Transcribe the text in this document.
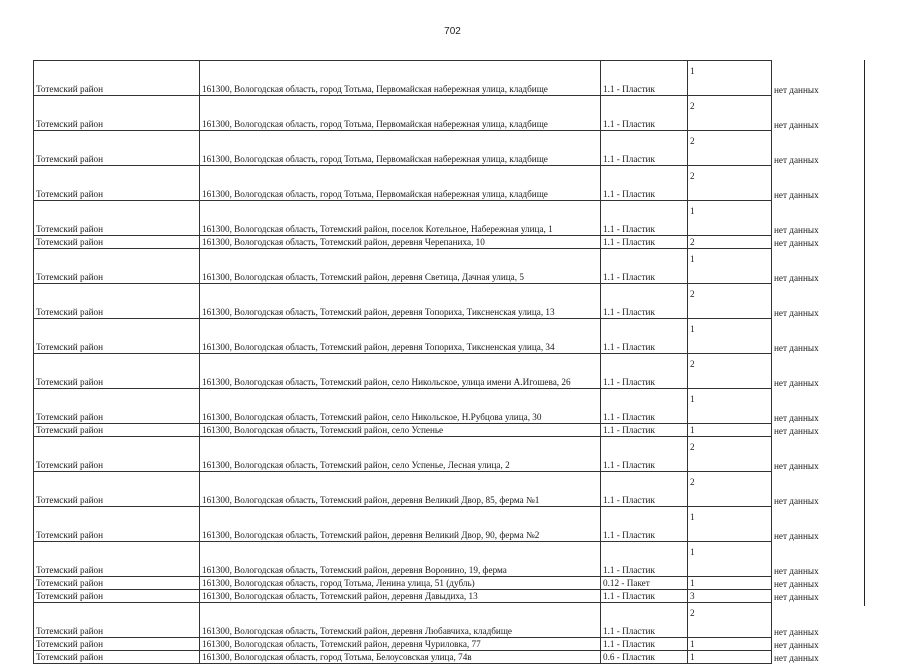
702
Тотемский район	161300, Вологодская область, город Тотьма, Первомайская набережная улица, кладбище	1.1 - Пластик	1	нет данных
Тотемский район	161300, Вологодская область, город Тотьма, Первомайская набережная улица, кладбище	1.1 - Пластик	2	нет данных
Тотемский район	161300, Вологодская область, город Тотьма, Первомайская набережная улица, кладбище	1.1 - Пластик	2	нет данных
Тотемский район	161300, Вологодская область, город Тотьма, Первомайская набережная улица, кладбище	1.1 - Пластик	2	нет данных
Тотемский район	161300, Вологодская область, Тотемский район, поселок Котельное, Набережная улица, 1	1.1 - Пластик	1	нет данных
Тотемский район	161300, Вологодская область, Тотемский район, деревня Черепаниха, 10	1.1 - Пластик	2	нет данных
Тотемский район	161300, Вологодская область, Тотемский район, деревня Светица, Дачная улица, 5	1.1 - Пластик	1	нет данных
Тотемский район	161300, Вологодская область, Тотемский район, деревня Топориха, Тиксненская улица, 13	1.1 - Пластик	2	нет данных
Тотемский район	161300, Вологодская область, Тотемский район, деревня Топориха, Тиксненская улица, 34	1.1 - Пластик	1	нет данных
Тотемский район	161300, Вологодская область, Тотемский район, село Никольское, улица имени А.Игошева, 26	1.1 - Пластик	2	нет данных
Тотемский район	161300, Вологодская область, Тотемский район, село Никольское, Н.Рубцова улица, 30	1.1 - Пластик	1	нет данных
Тотемский район	161300, Вологодская область, Тотемский район, село Успенье	1.1 - Пластик	1	нет данных
Тотемский район	161300, Вологодская область, Тотемский район, село Успенье, Лесная улица, 2	1.1 - Пластик	2	нет данных
Тотемский район	161300, Вологодская область, Тотемский район, деревня Великий Двор, 85, ферма №1	1.1 - Пластик	2	нет данных
Тотемский район	161300, Вологодская область, Тотемский район, деревня Великий Двор, 90, ферма №2	1.1 - Пластик	1	нет данных
Тотемский район	161300, Вологодская область, Тотемский район, деревня Воронино, 19, ферма	1.1 - Пластик	1	нет данных
Тотемский район	161300, Вологодская область, город Тотьма, Ленина улица, 51 (дубль)	0.12 - Пакет	1	нет данных
Тотемский район	161300, Вологодская область, Тотемский район, деревня Давыдиха, 13	1.1 - Пластик	3	нет данных
Тотемский район	161300, Вологодская область, Тотемский район, деревня Любавчиха, кладбище	1.1 - Пластик	2	нет данных
Тотемский район	161300, Вологодская область, Тотемский район, деревня Чуриловка, 77	1.1 - Пластик	1	нет данных
Тотемский район	161300, Вологодская область, город Тотьма, Белоусовская улица, 74в	0.6 - Пластик	1	нет данных
